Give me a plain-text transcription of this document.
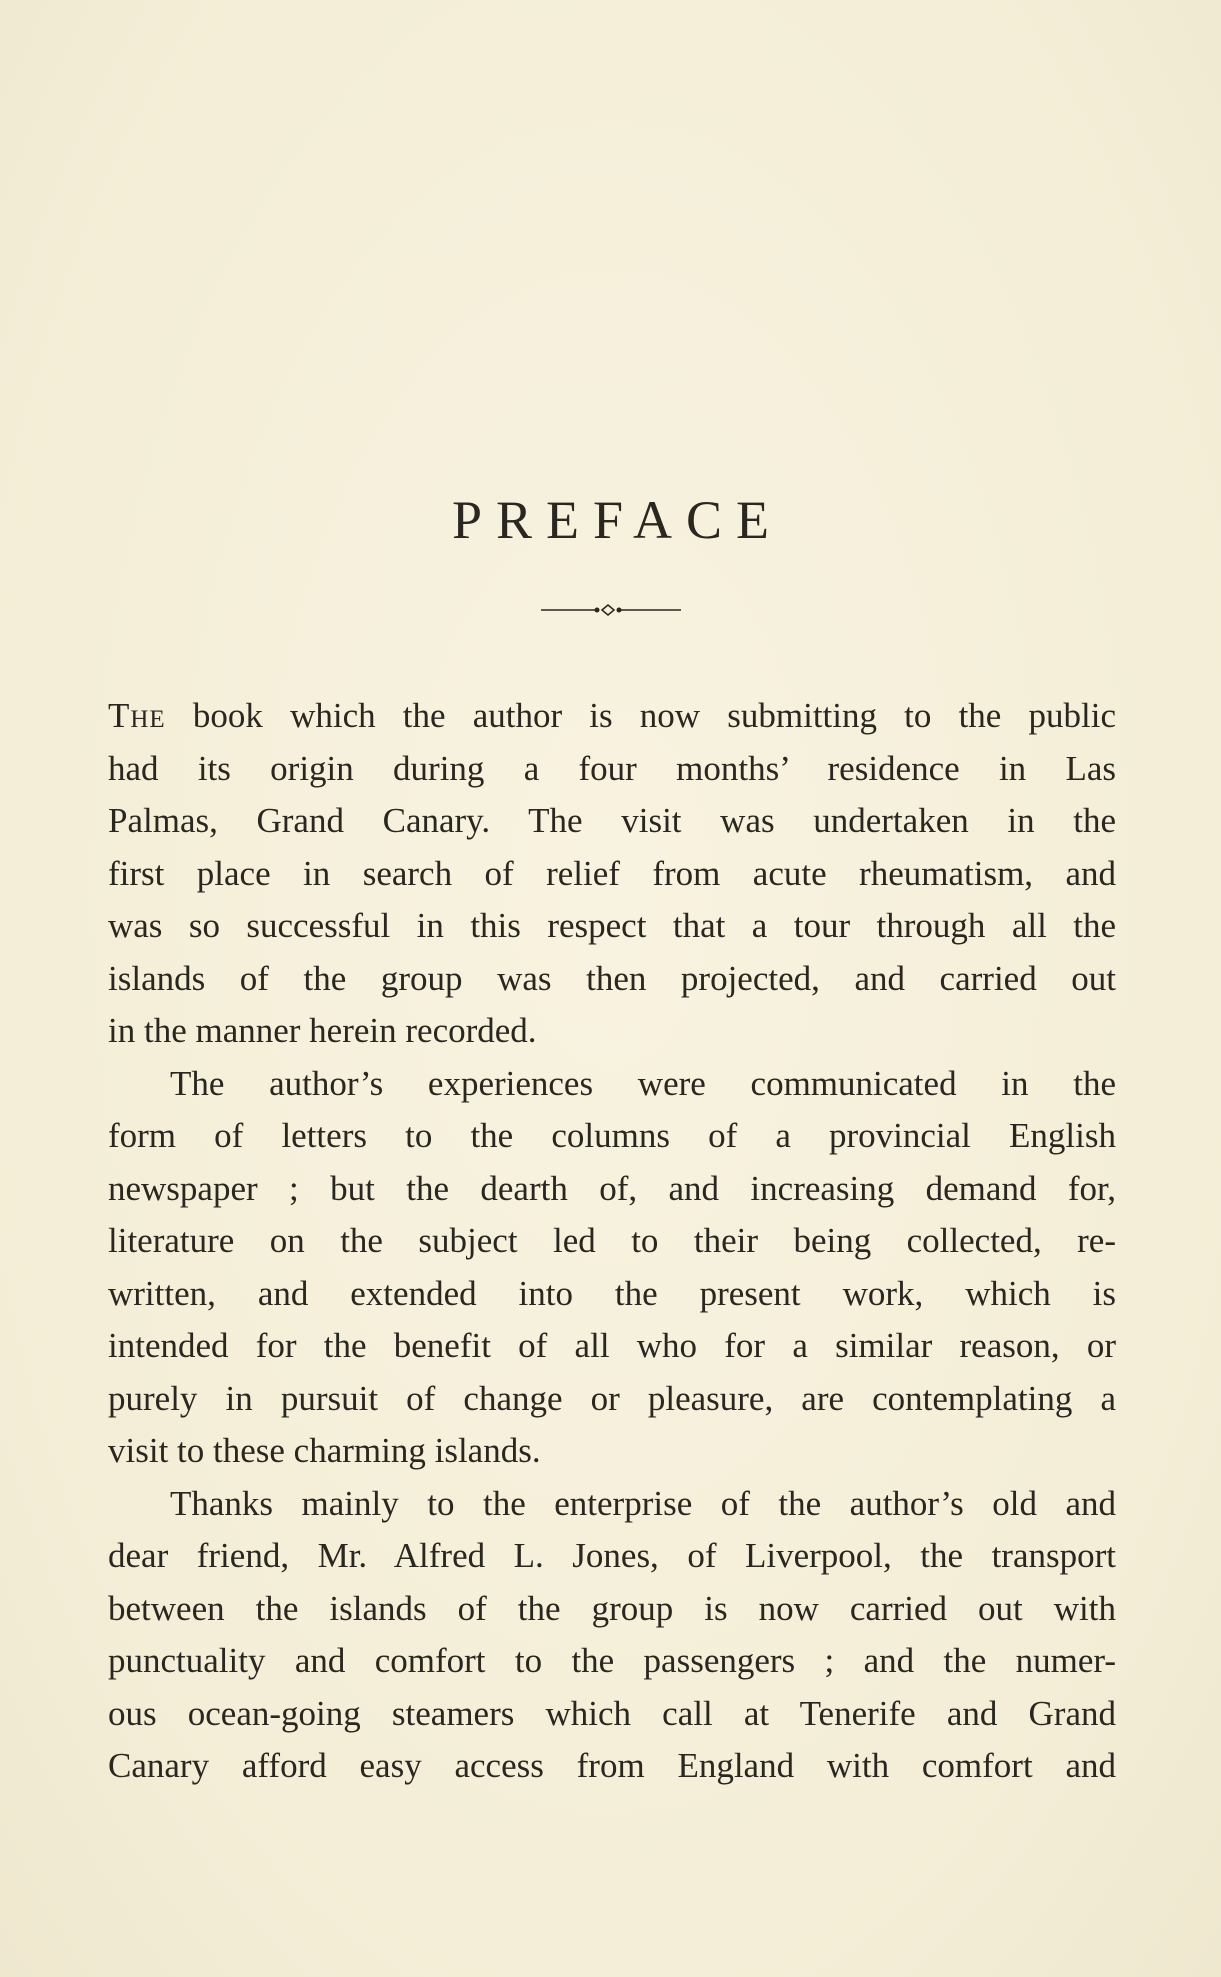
PREFACE

The book which the author is now submitting to the public
had its origin during a four months’ residence in Las
Palmas, Grand Canary. The visit was undertaken in the
first place in search of relief from acute rheumatism, and
was so successful in this respect that a tour through all the
islands of the group was then projected, and carried out
in the manner herein recorded.

The author’s experiences were communicated in the
form of letters to the columns of a provincial English
newspaper ; but the dearth of, and increasing demand for,
literature on the subject led to their being collected, re-
written, and extended into the present work, which is
intended for the benefit of all who for a similar reason, or
purely in pursuit of change or pleasure, are contemplating a
visit to these charming islands.

Thanks mainly to the enterprise of the author’s old and
dear friend, Mr. Alfred L. Jones, of Liverpool, the transport
between the islands of the group is now carried out with
punctuality and comfort to the passengers ; and the numer-
ous ocean-going steamers which call at Tenerife and Grand
Canary afford easy access from England with comfort and
